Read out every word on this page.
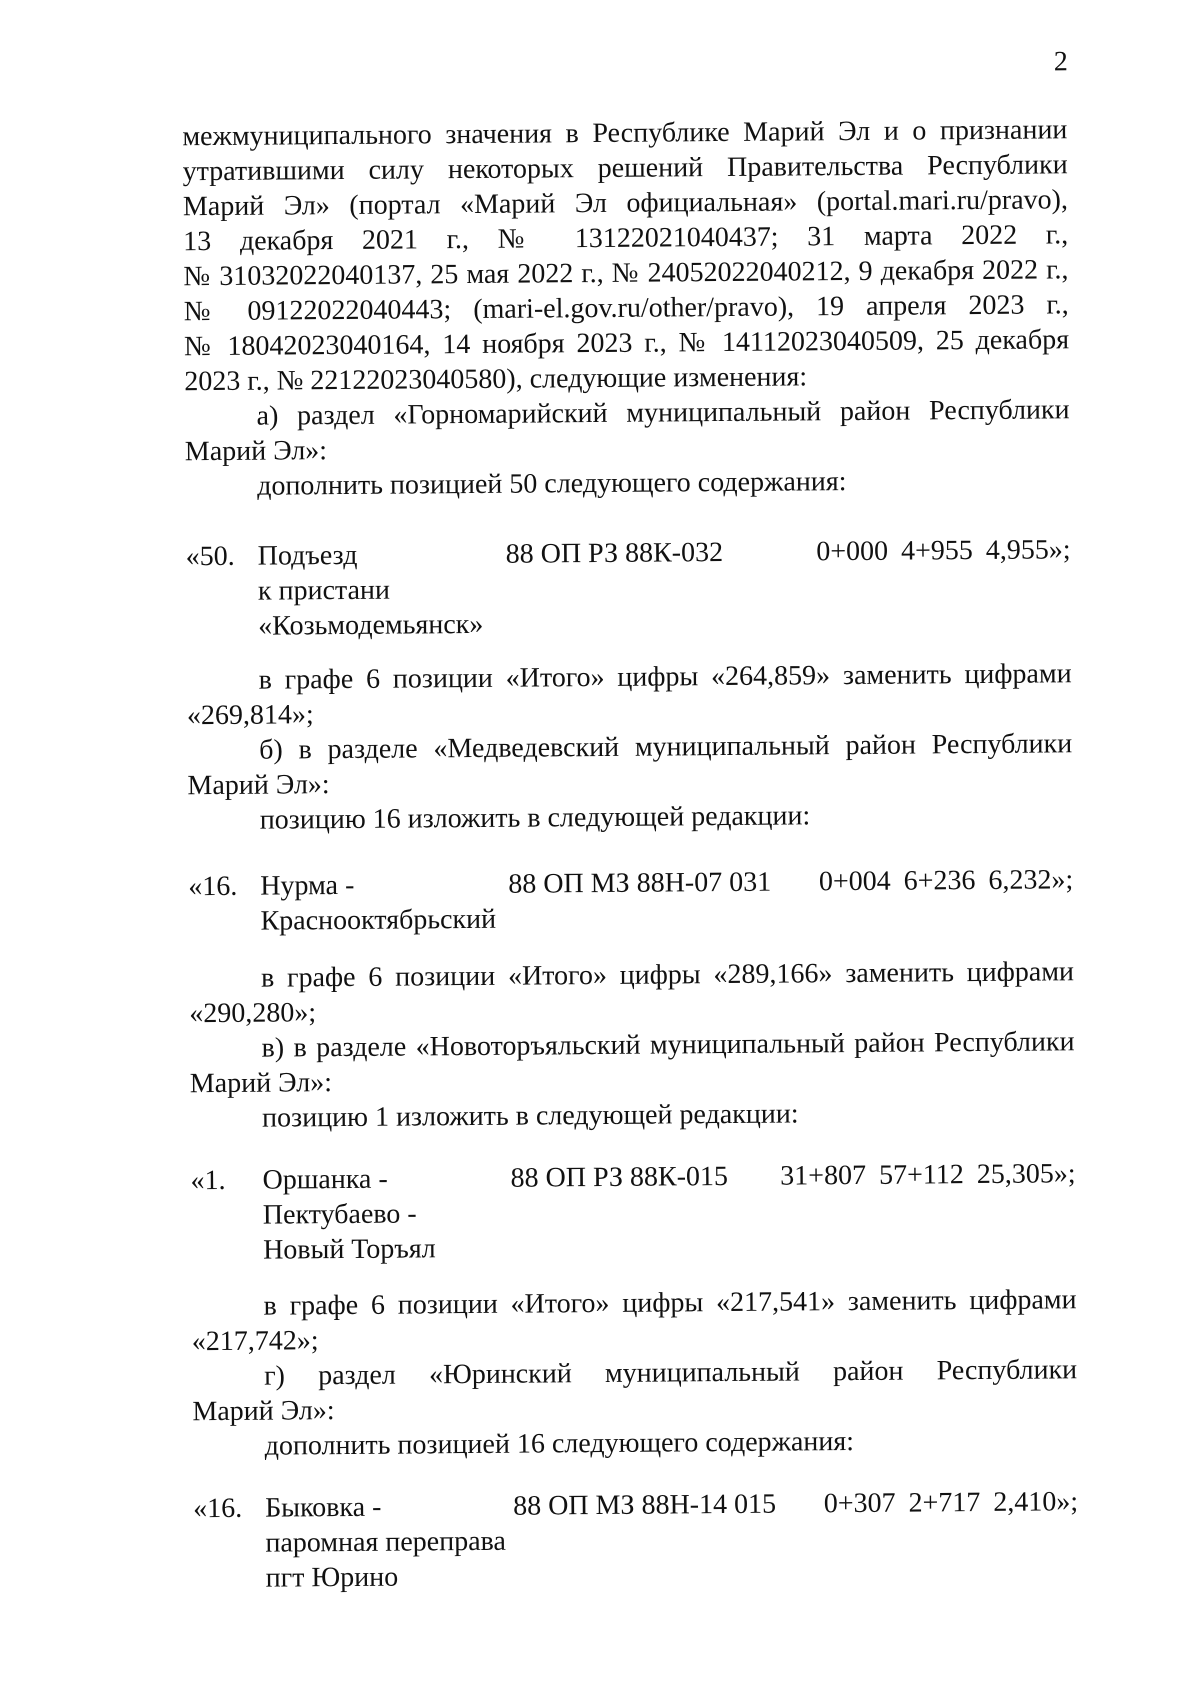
2
межмуниципального значения в Республике Марий Эл и о признании
утратившими силу некоторых решений Правительства Республики
Марий Эл» (портал «Марий Эл официальная» (portal.mari.ru/pravo),
13 декабря 2021 г., № 13122021040437; 31 марта 2022 г.,
№ 31032022040137, 25 мая 2022 г., № 24052022040212, 9 декабря 2022 г.,
№ 09122022040443; (mari-el.gov.ru/other/pravo), 19 апреля 2023 г.,
№ 18042023040164, 14 ноября 2023 г., № 14112023040509, 25 декабря
2023 г., № 22122023040580), следующие изменения:
а) раздел «Горномарийский муниципальный район Республики
Марий Эл»:
дополнить позицией 50 следующего содержания:
«50. Подъезд
к пристани
«Козьмодемьянск»
88 ОП РЗ 88К-032	0+000 4+955 4,955»;
в графе 6 позиции «Итого» цифры «264,859» заменить цифрами
«269,814»;
б) в разделе «Медведевский муниципальный район Республики
Марий Эл»:
позицию 16 изложить в следующей редакции:
«16. Нурма -
Краснооктябрьский
88 ОП МЗ 88Н-07 031 0+004 6+236 6,232»;
в графе 6 позиции «Итого» цифры «289,166» заменить цифрами
«290,280»;
в) в разделе «Новоторъяльский муниципальный район Республики
Марий Эл»:
позицию 1 изложить в следующей редакции:
«1. Оршанка -
Пектубаево -
Новый Торъял
88 ОП РЗ 88К-015 31+807 57+112 25,305»;
в графе 6 позиции «Итого» цифры «217,541» заменить цифрами
«217,742»;
г) раздел «Юринский муниципальный район Республики
Марий Эл»:
дополнить позицией 16 следующего содержания:
«16. Быковка -
паромная переправа
пгт Юрино
88 ОП МЗ 88Н-14 015 0+307 2+717 2,410»;
